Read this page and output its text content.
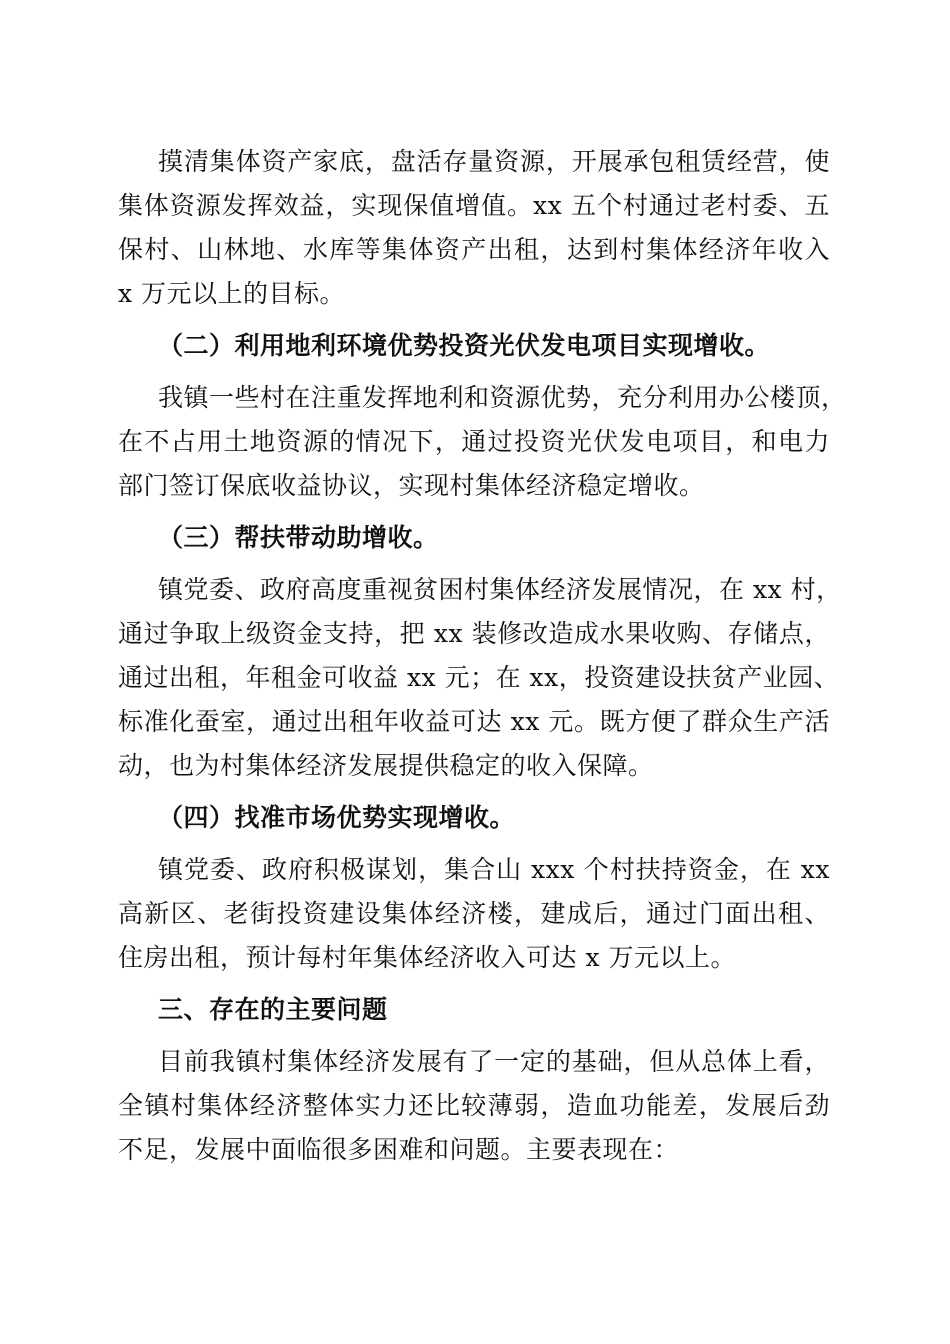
摸清集体资产家底，盘活存量资源，开展承包租赁经营，使
集体资源发挥效益，实现保值增值。xx 五个村通过老村委、五
保村、山林地、水库等集体资产出租，达到村集体经济年收入
x 万元以上的目标。
（二）利用地利环境优势投资光伏发电项目实现增收。
我镇一些村在注重发挥地利和资源优势，充分利用办公楼顶，
在不占用土地资源的情况下，通过投资光伏发电项目，和电力
部门签订保底收益协议，实现村集体经济稳定增收。
（三）帮扶带动助增收。
镇党委、政府高度重视贫困村集体经济发展情况，在 xx 村，
通过争取上级资金支持，把 xx 装修改造成水果收购、存储点，
通过出租，年租金可收益 xx 元；在 xx，投资建设扶贫产业园、
标准化蚕室，通过出租年收益可达 xx 元。既方便了群众生产活
动，也为村集体经济发展提供稳定的收入保障。
（四）找准市场优势实现增收。
镇党委、政府积极谋划，集合山 xxx 个村扶持资金，在 xx
高新区、老街投资建设集体经济楼，建成后，通过门面出租、
住房出租，预计每村年集体经济收入可达 x 万元以上。
三、存在的主要问题
目前我镇村集体经济发展有了一定的基础，但从总体上看，
全镇村集体经济整体实力还比较薄弱，造血功能差，发展后劲
不足，发展中面临很多困难和问题。主要表现在：
